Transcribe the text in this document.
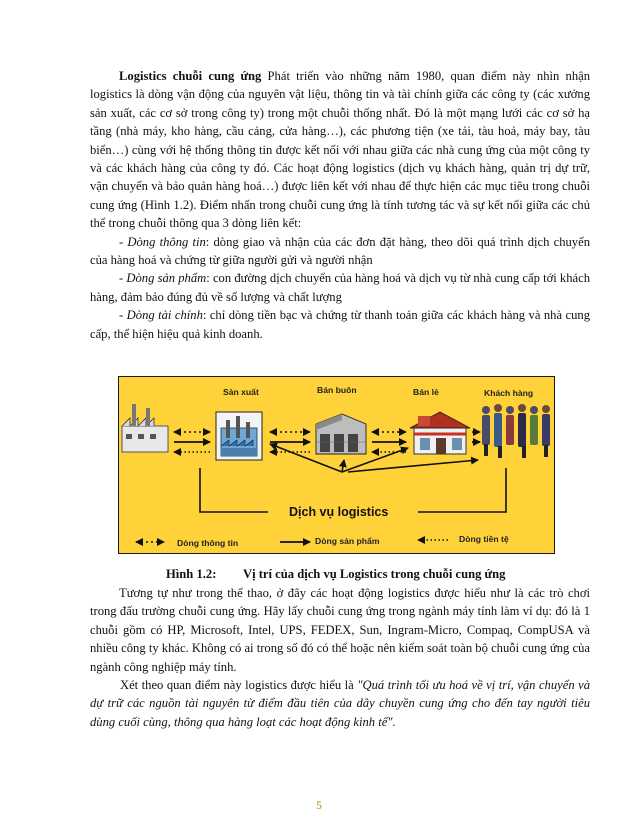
Logistics chuỗi cung ứng Phát triển vào những năm 1980, quan điểm này nhìn nhận logistics là dòng vận động của nguyên vật liệu, thông tin và tài chính giữa các công ty (các xưởng sản xuất, các cơ sở trong công ty) trong một chuỗi thống nhất. Đó là một mạng lưới các cơ sở hạ tầng (nhà máy, kho hàng, cầu cảng, cửa hàng…), các phương tiện (xe tải, tàu hoả, máy bay, tàu biển…) cùng với hệ thống thông tin được kết nối với nhau giữa các nhà cung ứng của một công ty và các khách hàng của công ty đó. Các hoạt động logistics (dịch vụ khách hàng, quản trị dự trữ, vận chuyển và bảo quản hàng hoá…) được liên kết với nhau để thực hiện các mục tiêu trong chuỗi cung ứng (Hình 1.2). Điểm nhấn trong chuỗi cung ứng là tính tương tác và sự kết nối giữa các chủ thể trong chuỗi thông qua 3 dòng liên kết:

- Dòng thông tin: dòng giao và nhận của các đơn đặt hàng, theo dõi quá trình dịch chuyển của hàng hoá và chứng từ giữa người gửi và người nhận

- Dòng sản phẩm: con đường dịch chuyển của hàng hoá và dịch vụ từ nhà cung cấp tới khách hàng, đảm bảo đúng đủ về số lượng và chất lượng

- Dòng tài chính: chỉ dòng tiền bạc và chứng từ thanh toán giữa các khách hàng và nhà cung cấp, thể hiện hiệu quả kinh doanh.

Sản xuất	Bán buôn	Bán lẻ	Khách hàng
Dịch vụ logistics
Dòng thông tin	Dòng sản phẩm	Dòng tiền tệ
Hình 1.2: Vị trí của dịch vụ Logistics trong chuỗi cung ứng

Tương tự như trong thể thao, ở đây các hoạt động logistics được hiểu như là các trò chơi trong đấu trường chuỗi cung ứng. Hãy lấy chuỗi cung ứng trong ngành máy tính làm ví dụ: đó là 1 chuỗi gồm có HP, Microsoft, Intel, UPS, FEDEX, Sun, Ingram-Micro, Compaq, CompUSA và nhiều công ty khác. Không có ai trong số đó có thể hoặc nên kiểm soát toàn bộ chuỗi cung ứng của ngành công nghiệp máy tính.

Xét theo quan điểm này logistics được hiểu là "Quá trình tối ưu hoá về vị trí, vận chuyển và dự trữ các nguồn tài nguyên từ điểm đầu tiên của dây chuyền cung ứng cho đến tay người tiêu dùng cuối cùng, thông qua hàng loạt các hoạt động kinh tế".

5
